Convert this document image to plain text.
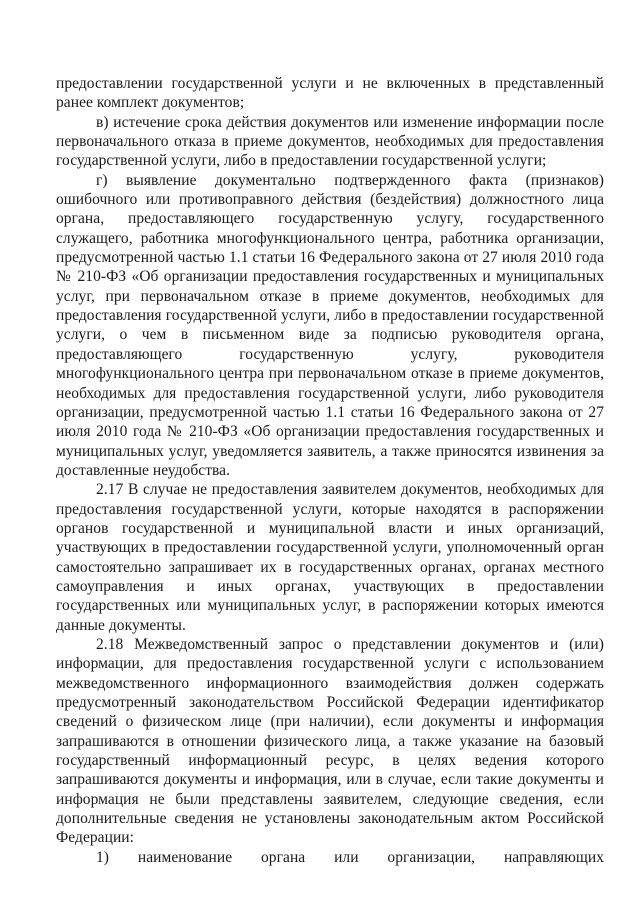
предоставлении государственной услуги и не включенных в представленный ранее комплект документов;

в) истечение срока действия документов или изменение информации после первоначального отказа в приеме документов, необходимых для предоставления государственной услуги, либо в предоставлении государственной услуги;

г) выявление документально подтвержденного факта (признаков) ошибочного или противоправного действия (бездействия) должностного лица органа, предоставляющего государственную услугу, государственного служащего, работника многофункционального центра, работника организации, предусмотренной частью 1.1 статьи 16 Федерального закона от 27 июля 2010 года № 210-ФЗ «Об организации предоставления государственных и муниципальных услуг, при первоначальном отказе в приеме документов, необходимых для предоставления государственной услуги, либо в предоставлении государственной услуги, о чем в письменном виде за подписью руководителя органа, предоставляющего государственную услугу, руководителя многофункционального центра при первоначальном отказе в приеме документов, необходимых для предоставления государственной услуги, либо руководителя организации, предусмотренной частью 1.1 статьи 16 Федерального закона от 27 июля 2010 года № 210-ФЗ «Об организации предоставления государственных и муниципальных услуг, уведомляется заявитель, а также приносятся извинения за доставленные неудобства.

2.17 В случае не предоставления заявителем документов, необходимых для предоставления государственной услуги, которые находятся в распоряжении органов государственной и муниципальной власти и иных организаций, участвующих в предоставлении государственной услуги, уполномоченный орган самостоятельно запрашивает их в государственных органах, органах местного самоуправления и иных органах, участвующих в предоставлении государственных или муниципальных услуг, в распоряжении которых имеются данные документы.

2.18 Межведомственный запрос о представлении документов и (или) информации, для предоставления государственной услуги с использованием межведомственного информационного взаимодействия должен содержать предусмотренный законодательством Российской Федерации идентификатор сведений о физическом лице (при наличии), если документы и информация запрашиваются в отношении физического лица, а также указание на базовый государственный информационный ресурс, в целях ведения которого запрашиваются документы и информация, или в случае, если такие документы и информация не были представлены заявителем, следующие сведения, если дополнительные сведения не установлены законодательным актом Российской Федерации:

1) наименование органа или организации, направляющих
